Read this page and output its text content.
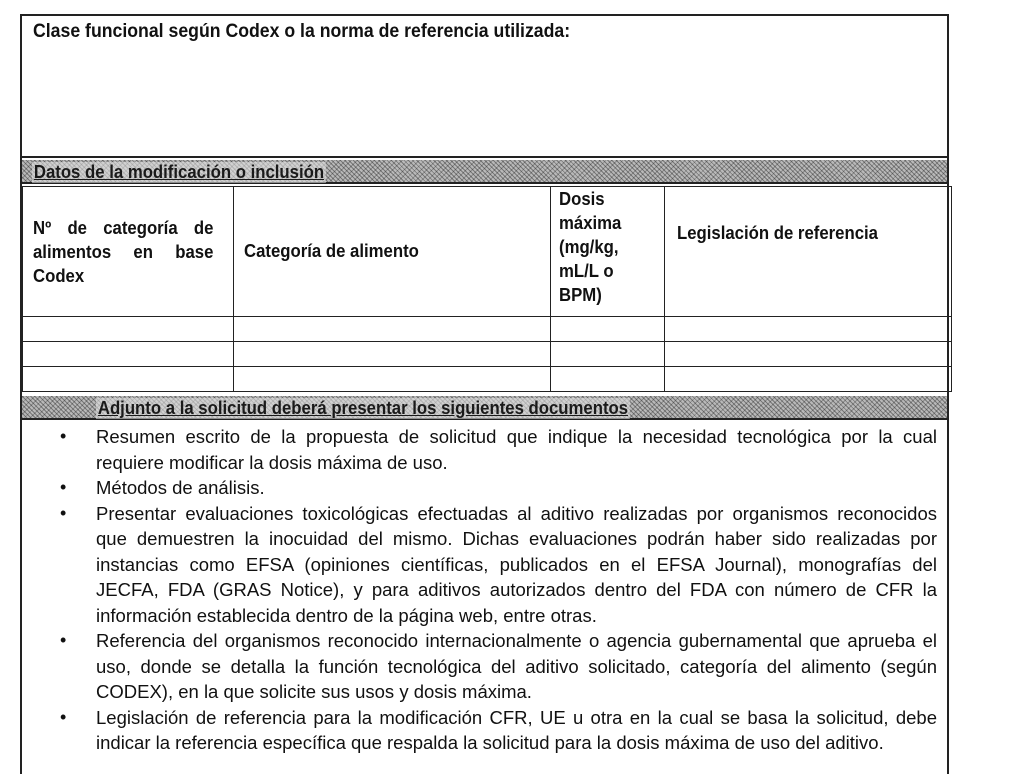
Clase funcional según Codex o la norma de referencia utilizada:
Datos de la modificación o inclusión
Nº de categoría de alimentos en base Codex	Categoría de alimento	Dosis máxima (mg/kg, mL/L o BPM)	Legislación de referencia

Adjunto a la solicitud deberá presentar los siguientes documentos
• Resumen escrito de la propuesta de solicitud que indique la necesidad tecnológica por la cual requiere modificar la dosis máxima de uso.
• Métodos de análisis.
• Presentar evaluaciones toxicológicas efectuadas al aditivo realizadas por organismos reconocidos que demuestren la inocuidad del mismo. Dichas evaluaciones podrán haber sido realizadas por instancias como EFSA (opiniones científicas, publicados en el EFSA Journal), monografías del JECFA, FDA (GRAS Notice), y para aditivos autorizados dentro del FDA con número de CFR la información establecida dentro de la página web, entre otras.
• Referencia del organismos reconocido internacionalmente o agencia gubernamental que aprueba el uso, donde se detalla la función tecnológica del aditivo solicitado, categoría del alimento (según CODEX), en la que solicite sus usos y dosis máxima.
• Legislación de referencia para la modificación CFR, UE u otra en la cual se basa la solicitud, debe indicar la referencia específica que respalda la solicitud para la dosis máxima de uso del aditivo.
